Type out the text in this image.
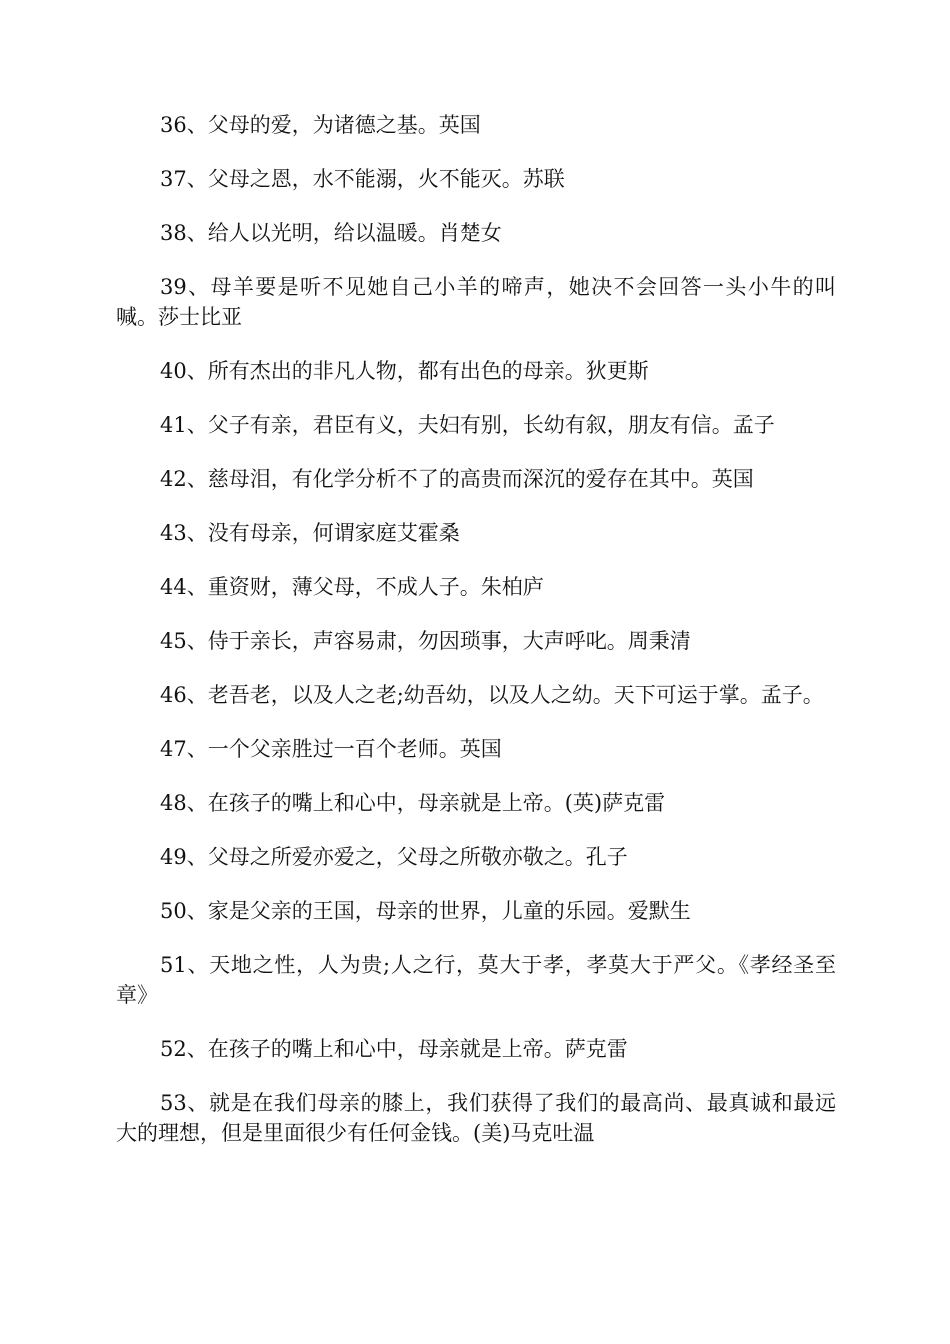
36、父母的爱，为诸德之基。英国

37、父母之恩，水不能溺，火不能灭。苏联

38、给人以光明，给以温暖。肖楚女

39、母羊要是听不见她自己小羊的啼声，她决不会回答一头小牛的叫喊。莎士比亚

40、所有杰出的非凡人物，都有出色的母亲。狄更斯

41、父子有亲，君臣有义，夫妇有别，长幼有叙，朋友有信。孟子

42、慈母泪，有化学分析不了的高贵而深沉的爱存在其中。英国

43、没有母亲，何谓家庭艾霍桑

44、重资财，薄父母，不成人子。朱柏庐

45、侍于亲长，声容易肃，勿因琐事，大声呼叱。周秉清

46、老吾老，以及人之老;幼吾幼，以及人之幼。天下可运于掌。孟子。

47、一个父亲胜过一百个老师。英国

48、在孩子的嘴上和心中，母亲就是上帝。(英)萨克雷

49、父母之所爱亦爱之，父母之所敬亦敬之。孔子

50、家是父亲的王国，母亲的世界，儿童的乐园。爱默生

51、天地之性，人为贵;人之行，莫大于孝，孝莫大于严父。《孝经圣至章》

52、在孩子的嘴上和心中，母亲就是上帝。萨克雷

53、就是在我们母亲的膝上，我们获得了我们的最高尚、最真诚和最远大的理想，但是里面很少有任何金钱。(美)马克吐温
